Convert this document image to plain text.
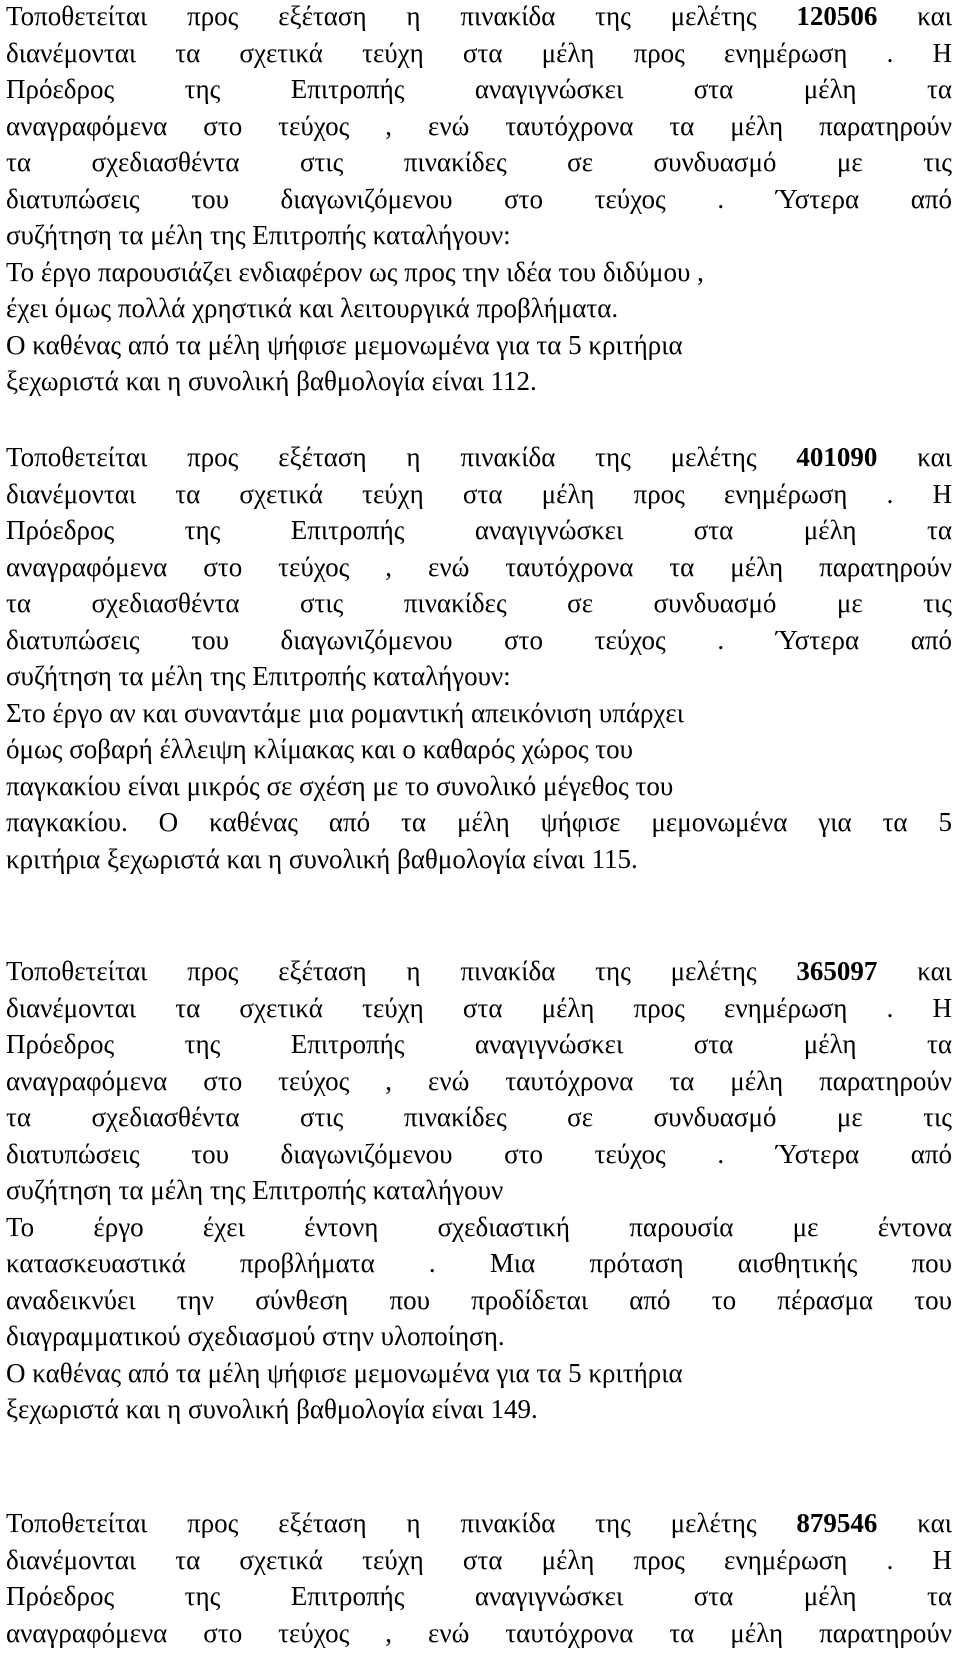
Τοποθετείται προς εξέταση η πινακίδα της μελέτης 120506 και
διανέμονται τα σχετικά τεύχη στα μέλη προς ενημέρωση . Η
Πρόεδρος της Επιτροπής αναγιγνώσκει στα μέλη τα
αναγραφόμενα στο τεύχος , ενώ ταυτόχρονα τα μέλη παρατηρούν
τα σχεδιασθέντα στις πινακίδες σε συνδυασμό με τις
διατυπώσεις του διαγωνιζόμενου στο τεύχος . Ύστερα από
συζήτηση τα μέλη της Επιτροπής καταλήγουν:
Το έργο παρουσιάζει ενδιαφέρον ως προς την ιδέα του διδύμου ,
έχει όμως πολλά χρηστικά και λειτουργικά προβλήματα.
Ο καθένας από τα μέλη ψήφισε μεμονωμένα για τα 5 κριτήρια
ξεχωριστά και η συνολική βαθμολογία είναι 112.
Τοποθετείται προς εξέταση η πινακίδα της μελέτης 401090 και
διανέμονται τα σχετικά τεύχη στα μέλη προς ενημέρωση . Η
Πρόεδρος της Επιτροπής αναγιγνώσκει στα μέλη τα
αναγραφόμενα στο τεύχος , ενώ ταυτόχρονα τα μέλη παρατηρούν
τα σχεδιασθέντα στις πινακίδες σε συνδυασμό με τις
διατυπώσεις του διαγωνιζόμενου στο τεύχος . Ύστερα από
συζήτηση τα μέλη της Επιτροπής καταλήγουν:
Στο έργο αν και συναντάμε μια ρομαντική απεικόνιση υπάρχει
όμως σοβαρή έλλειψη κλίμακας και ο καθαρός χώρος του
παγκακίου είναι μικρός σε σχέση με το συνολικό μέγεθος του
παγκακίου. Ο καθένας από τα μέλη ψήφισε μεμονωμένα για τα 5
κριτήρια ξεχωριστά και η συνολική βαθμολογία είναι 115.
Τοποθετείται προς εξέταση η πινακίδα της μελέτης 365097 και
διανέμονται τα σχετικά τεύχη στα μέλη προς ενημέρωση . Η
Πρόεδρος της Επιτροπής αναγιγνώσκει στα μέλη τα
αναγραφόμενα στο τεύχος , ενώ ταυτόχρονα τα μέλη παρατηρούν
τα σχεδιασθέντα στις πινακίδες σε συνδυασμό με τις
διατυπώσεις του διαγωνιζόμενου στο τεύχος . Ύστερα από
συζήτηση τα μέλη της Επιτροπής καταλήγουν
Το έργο έχει έντονη σχεδιαστική παρουσία με έντονα
κατασκευαστικά προβλήματα . Μια πρόταση αισθητικής που
αναδεικνύει την σύνθεση που προδίδεται από το πέρασμα του
διαγραμματικού σχεδιασμού στην υλοποίηση.
Ο καθένας από τα μέλη ψήφισε μεμονωμένα για τα 5 κριτήρια
ξεχωριστά και η συνολική βαθμολογία είναι 149.
Τοποθετείται προς εξέταση η πινακίδα της μελέτης 879546 και
διανέμονται τα σχετικά τεύχη στα μέλη προς ενημέρωση . Η
Πρόεδρος της Επιτροπής αναγιγνώσκει στα μέλη τα
αναγραφόμενα στο τεύχος , ενώ ταυτόχρονα τα μέλη παρατηρούν
